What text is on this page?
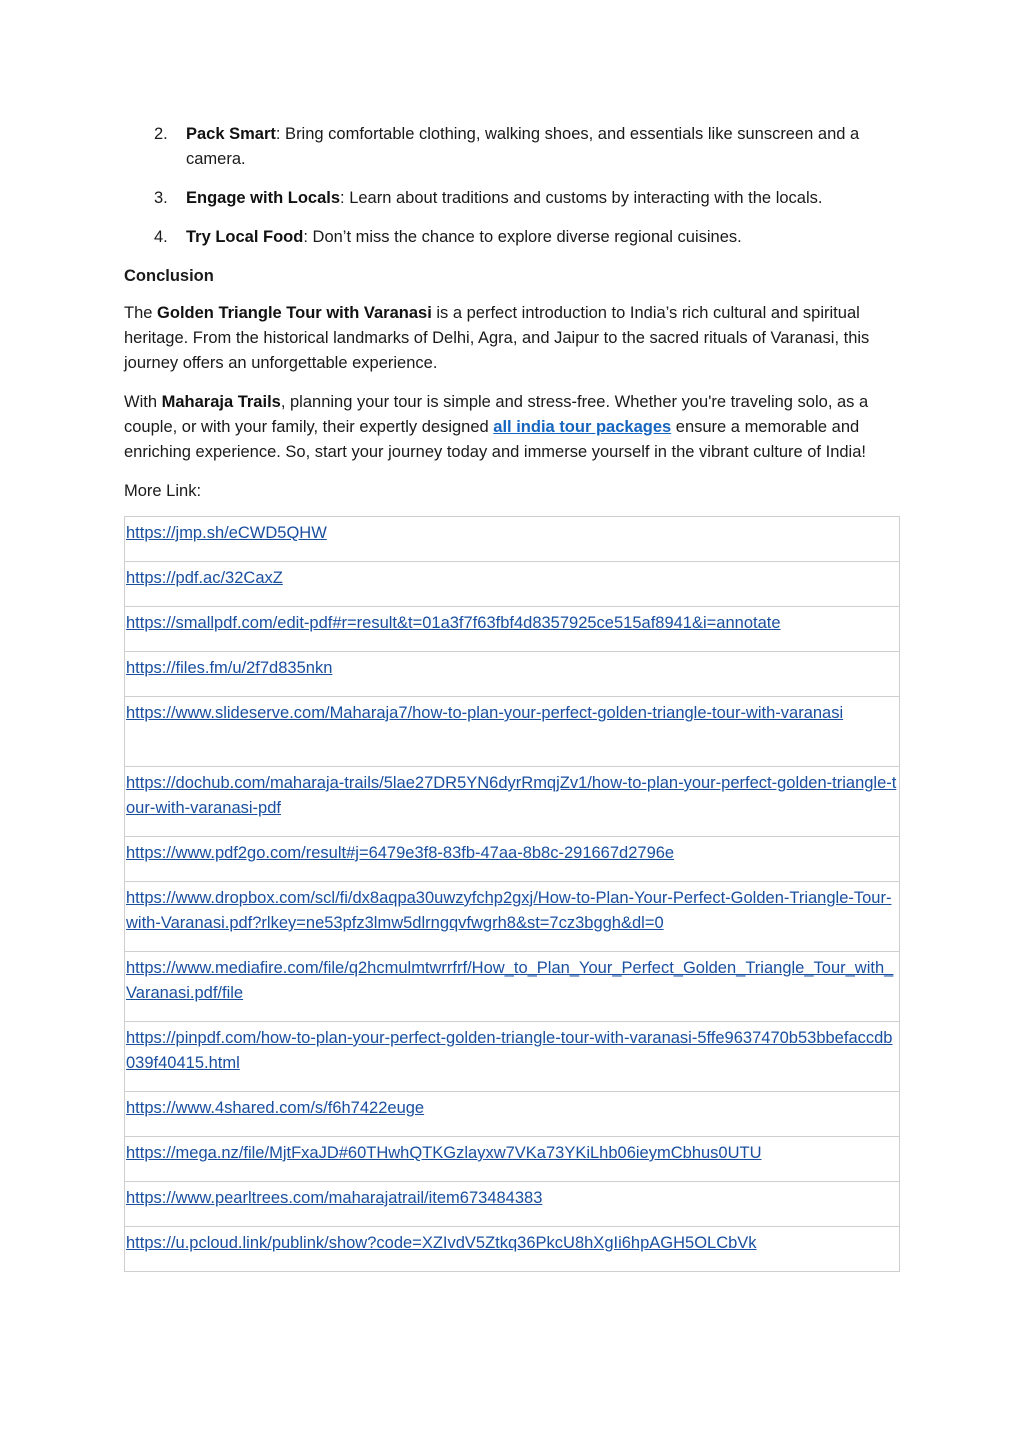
2. Pack Smart: Bring comfortable clothing, walking shoes, and essentials like sunscreen and a camera.
3. Engage with Locals: Learn about traditions and customs by interacting with the locals.
4. Try Local Food: Don’t miss the chance to explore diverse regional cuisines.

Conclusion

The Golden Triangle Tour with Varanasi is a perfect introduction to India’s rich cultural and spiritual heritage. From the historical landmarks of Delhi, Agra, and Jaipur to the sacred rituals of Varanasi, this journey offers an unforgettable experience.

With Maharaja Trails, planning your tour is simple and stress-free. Whether you're traveling solo, as a couple, or with your family, their expertly designed all india tour packages ensure a memorable and enriching experience. So, start your journey today and immerse yourself in the vibrant culture of India!

More Link:

https://jmp.sh/eCWD5QHW
https://pdf.ac/32CaxZ
https://smallpdf.com/edit-pdf#r=result&t=01a3f7f63fbf4d8357925ce515af8941&i=annotate
https://files.fm/u/2f7d835nkn
https://www.slideserve.com/Maharaja7/how-to-plan-your-perfect-golden-triangle-tour-with-varanasi
https://dochub.com/maharaja-trails/5lae27DR5YN6dyrRmqjZv1/how-to-plan-your-perfect-golden-triangle-tour-with-varanasi-pdf
https://www.pdf2go.com/result#j=6479e3f8-83fb-47aa-8b8c-291667d2796e
https://www.dropbox.com/scl/fi/dx8aqpa30uwzyfchp2gxj/How-to-Plan-Your-Perfect-Golden-Triangle-Tour-with-Varanasi.pdf?rlkey=ne53pfz3lmw5dlrngqvfwgrh8&st=7cz3bggh&dl=0
https://www.mediafire.com/file/q2hcmulmtwrrfrf/How_to_Plan_Your_Perfect_Golden_Triangle_Tour_with_Varanasi.pdf/file
https://pinpdf.com/how-to-plan-your-perfect-golden-triangle-tour-with-varanasi-5ffe9637470b53bbefaccdb039f40415.html
https://www.4shared.com/s/f6h7422euge
https://mega.nz/file/MjtFxaJD#60THwhQTKGzlayxw7VKa73YKiLhb06ieymCbhus0UTU
https://www.pearltrees.com/maharajatrail/item673484383
https://u.pcloud.link/publink/show?code=XZIvdV5Ztkq36PkcU8hXgIi6hpAGH5OLCbVk
